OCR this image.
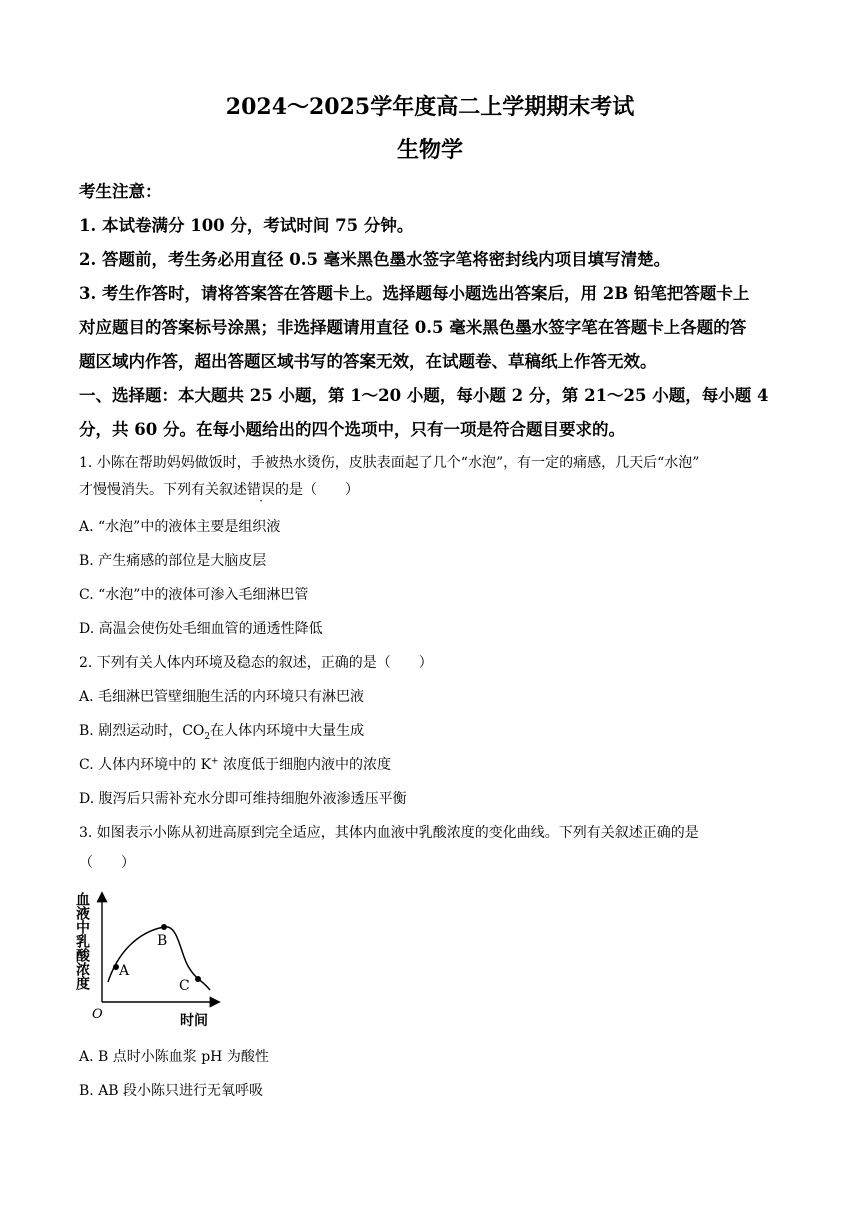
2024～2025学年度高二上学期期末考试
生物学
考生注意：
1. 本试卷满分 100 分，考试时间 75 分钟。
2. 答题前，考生务必用直径 0.5 毫米黑色墨水签字笔将密封线内项目填写清楚。
3. 考生作答时，请将答案答在答题卡上。选择题每小题选出答案后，用 2B 铅笔把答题卡上
对应题目的答案标号涂黑；非选择题请用直径 0.5 毫米黑色墨水签字笔在答题卡上各题的答
题区域内作答，超出答题区域书写的答案无效，在试题卷、草稿纸上作答无效。
一、选择题：本大题共 25 小题，第 1～20 小题，每小题 2 分，第 21～25 小题，每小题 4
分，共 60 分。在每小题给出的四个选项中，只有一项是符合题目要求的。
1. 小陈在帮助妈妈做饭时，手被热水烫伤，皮肤表面起了几个“水泡”，有一定的痛感，几天后“水泡”
才慢慢消失。下列有关叙述错误的是（　　）
A. “水泡”中的液体主要是组织液
B. 产生痛感的部位是大脑皮层
C. “水泡”中的液体可渗入毛细淋巴管
D. 高温会使伤处毛细血管的通透性降低
2. 下列有关人体内环境及稳态的叙述，正确的是（　　）
A. 毛细淋巴管壁细胞生活的内环境只有淋巴液
B. 剧烈运动时，$CO_2$在人体内环境中大量生成
C. 人体内环境中的 K+ 浓度低于细胞内液中的浓度
D. 腹泻后只需补充水分即可维持细胞外液渗透压平衡
3. 如图表示小陈从初进高原到完全适应，其体内血液中乳酸浓度的变化曲线。下列有关叙述正确的是
（　　）
A
B
C
O	时间
血液中乳酸浓度
A. B 点时小陈血浆 pH 为酸性
B. AB 段小陈只进行无氧呼吸
